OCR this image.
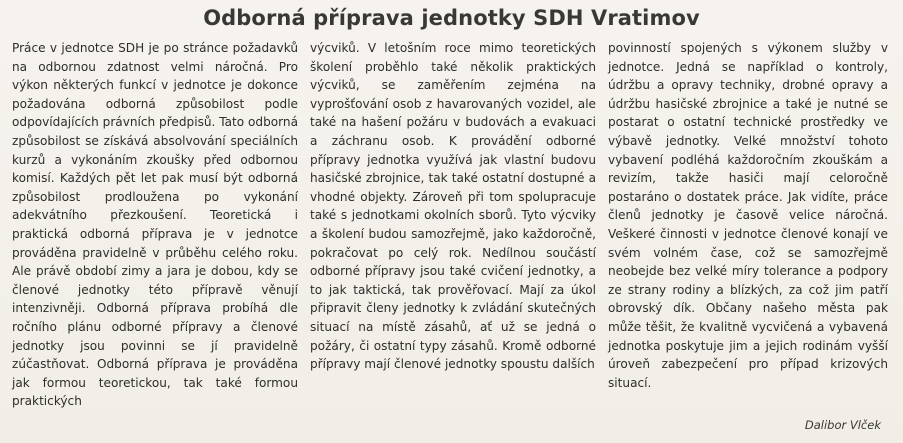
Odborná příprava jednotky SDH Vratimov

Práce v jednotce SDH je po stránce požadavků na odbornou zdatnost velmi náročná. Pro výkon některých funkcí v jednotce je dokonce požadována odborná způsobilost podle odpovídajících právních předpisů. Tato odborná způsobilost se získává absolvování speciálních kurzů a vykonáním zkoušky před odbornou komisí. Každých pět let pak musí být odborná způsobilost prodloužena po vykonání adekvátního přezkoušení. Teoretická i praktická odborná příprava je v jednotce prováděna pravidelně v průběhu celého roku. Ale právě období zimy a jara je dobou, kdy se členové jednotky této přípravě věnují intenzivněji. Odborná příprava probíhá dle ročního plánu odborné přípravy a členové jednotky jsou povinni se jí pravidelně zúčastňovat. Odborná příprava je prováděna jak formou teoretickou, tak také formou praktických

výcviků. V letošním roce mimo teoretických školení proběhlo také několik praktických výcviků, se zaměřením zejména na vyprošťování osob z havarovaných vozidel, ale také na hašení požáru v budovách a evakuaci a záchranu osob. K provádění odborné přípravy jednotka využívá jak vlastní budovu hasičské zbrojnice, tak také ostatní dostupné a vhodné objekty. Zároveň při tom spolupracuje také s jednotkami okolních sborů. Tyto výcviky a školení budou samozřejmě, jako každoročně, pokračovat po celý rok. Nedílnou součástí odborné přípravy jsou také cvičení jednotky, a to jak taktická, tak prověřovací. Mají za úkol připravit členy jednotky k zvládání skutečných situací na místě zásahů, ať už se jedná o požáry, či ostatní typy zásahů. Kromě odborné přípravy mají členové jednotky spoustu dalších

povinností spojených s výkonem služby v jednotce. Jedná se například o kontroly, údržbu a opravy techniky, drobné opravy a údržbu hasičské zbrojnice a také je nutné se postarat o ostatní technické prostředky ve výbavě jednotky. Velké množství tohoto vybavení podléhá každoročním zkouškám a revizím, takže hasiči mají celoročně postaráno o dostatek práce. Jak vidíte, práce členů jednotky je časově velice náročná. Veškeré činnosti v jednotce členové konají ve svém volném čase, což se samozřejmě neobejde bez velké míry tolerance a podpory ze strany rodiny a blízkých, za což jim patří obrovský dík. Občany našeho města pak může těšit, že kvalitně vycvičená a vybavená jednotka poskytuje jim a jejich rodinám vyšší úroveň zabezpečení pro případ krizových situací.

Dalibor Vlček
